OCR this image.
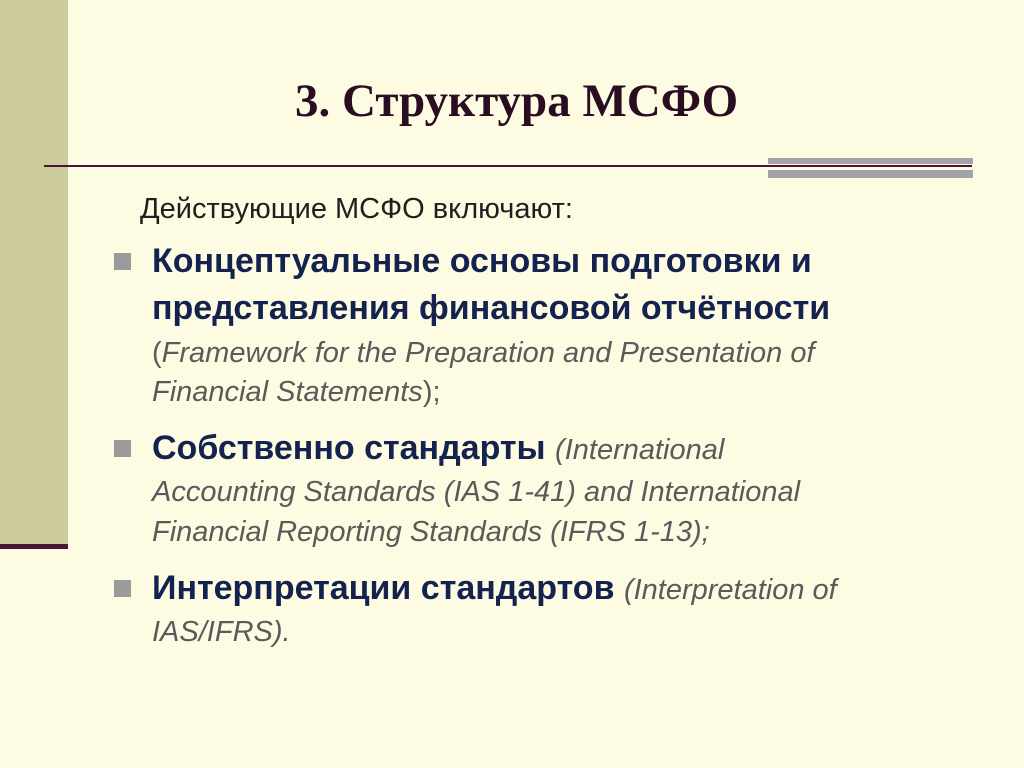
3. Структура МСФО

Действующие МСФО включают:

Концептуальные основы подготовки и
представления финансовой отчётности
(Framework for the Preparation and Presentation of
Financial Statements);
Собственно стандарты (International
Accounting Standards (IAS 1-41) and International
Financial Reporting Standards (IFRS 1-13);
Интерпретации стандартов (Interpretation of
IAS/IFRS).
